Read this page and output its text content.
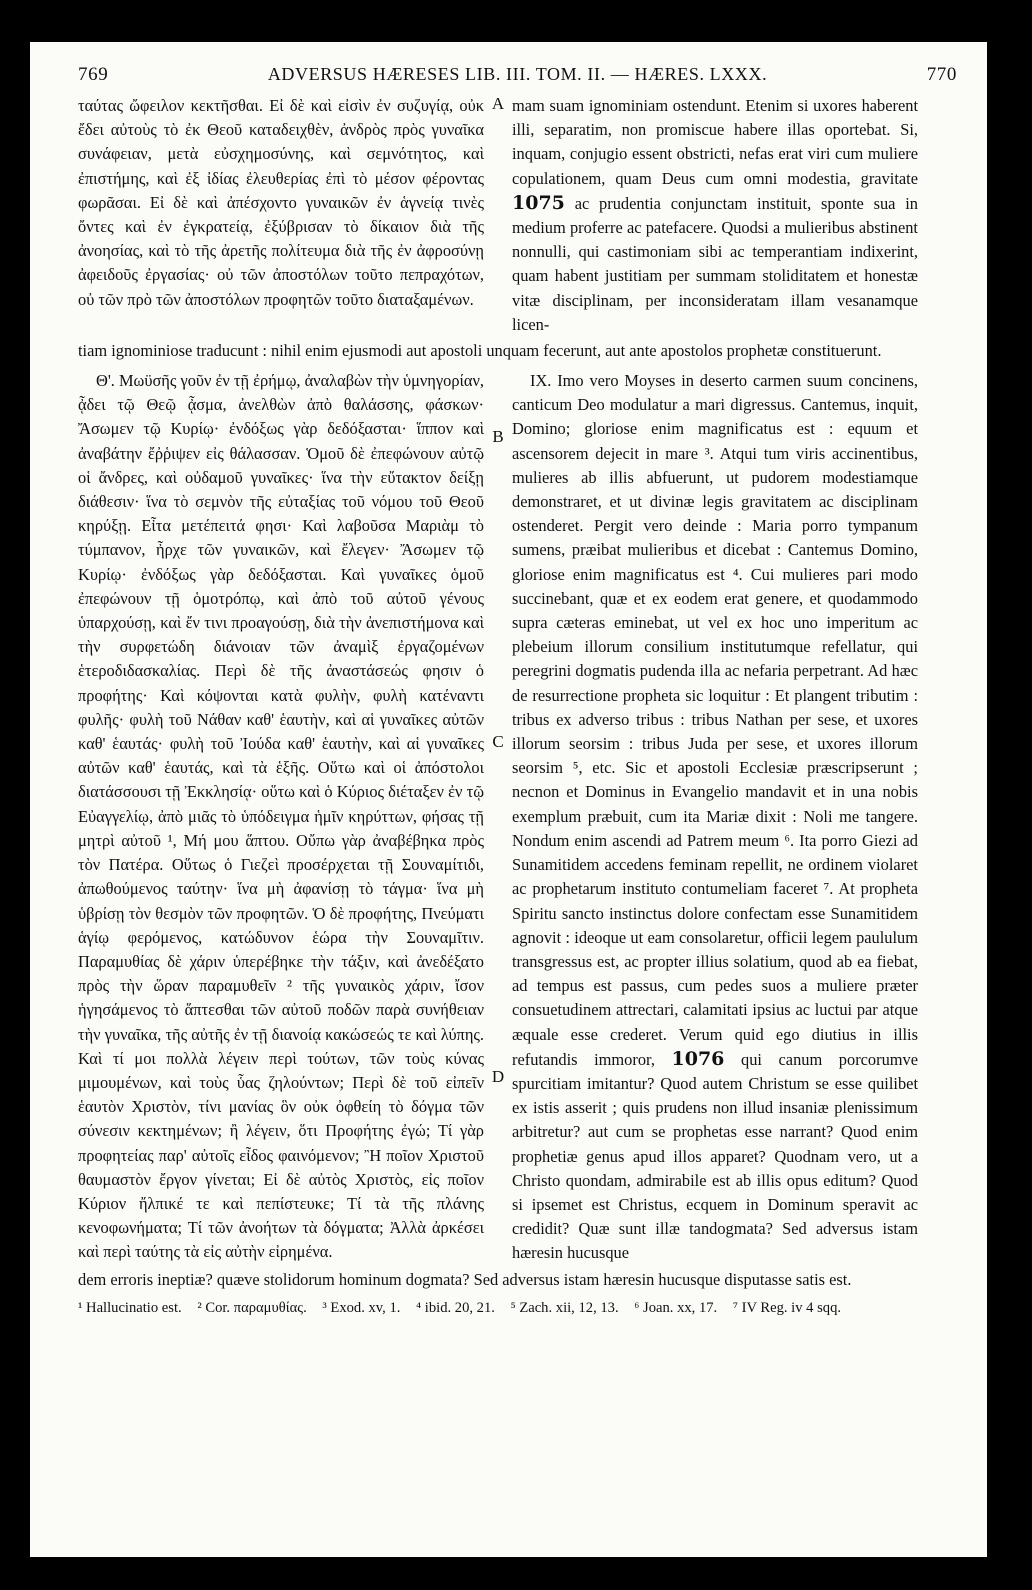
769	ADVERSUS HÆRESES LIB. III. TOM. II. — HÆRES. LXXX.	770

ταύτας ὤφειλον κεκτῆσθαι. Εἰ δὲ καὶ εἰσὶν ἐν συζυγίᾳ, οὐκ ἔδει αὐτοὺς τὸ ἐκ Θεοῦ καταδειχθὲν, ἀνδρὸς πρὸς γυναῖκα συνάφειαν, μετὰ εὐσχημοσύνης, καὶ σεμνότητος, καὶ ἐπιστήμης, καὶ ἐξ ἰδίας ἐλευθερίας ἐπὶ τὸ μέσον φέροντας φωρᾶσαι. Εἰ δὲ καὶ ἀπέσχοντο γυναικῶν ἐν ἁγνείᾳ τινὲς ὄντες καὶ ἐν ἐγκρατείᾳ, ἐξύβρισαν τὸ δίκαιον διὰ τῆς ἀνοησίας, καὶ τὸ τῆς ἀρετῆς πολίτευμα διὰ τῆς ἐν ἀφροσύνῃ ἀφειδοῦς ἐργασίας· οὐ τῶν ἀποστόλων τοῦτο πεπραχότων, οὐ τῶν πρὸ τῶν ἀποστόλων προφητῶν τοῦτο διαταξαμένων.

A mam suam ignominiam ostendunt. Etenim si uxores haberent illi, separatim, non promiscue habere illas oportebat. Si, inquam, conjugio essent obstricti, nefas erat viri cum muliere copulationem, quam Deus cum omni modestia, gravitate 1075 ac prudentia conjunctam instituit, sponte sua in medium proferre ac patefacere. Quodsi a mulieribus abstinent nonnulli, qui castimoniam sibi ac temperantiam indixerint, quam habent justitiam per summam stoliditatem et honestæ vitæ disciplinam, per inconsideratam illam vesanamque licen-

tiam ignominiose traducunt : nihil enim ejusmodi aut apostoli unquam fecerunt, aut ante apostolos prophetæ constituerunt.

Θ'. Μωϋσῆς γοῦν ἐν τῇ ἐρήμῳ, ἀναλαβὼν τὴν ὑμνηγορίαν, ᾆδει τῷ Θεῷ ᾆσμα, ἀνελθὼν ἀπὸ θαλάσσης, φάσκων· Ἄσωμεν τῷ Κυρίῳ· ἐνδόξως γὰρ δεδόξασται· ἵππον καὶ ἀναβάτην ἔῤῥιψεν εἰς θάλασσαν. Ὁμοῦ δὲ ἐπεφώνουν αὐτῷ οἱ ἄνδρες, καὶ οὐδαμοῦ γυναῖκες· ἵνα τὴν εὔτακτον δείξῃ διάθεσιν· ἵνα τὸ σεμνὸν τῆς εὐταξίας τοῦ νόμου τοῦ Θεοῦ κηρύξῃ. Εἶτα μετέπειτά φησι· Καὶ λαβοῦσα Μαριὰμ τὸ τύμπανον, ἦρχε τῶν γυναικῶν, καὶ ἔλεγεν· Ἄσωμεν τῷ Κυρίῳ· ἐνδόξως γὰρ δεδόξασται. Καὶ γυναῖκες ὁμοῦ ἐπεφώνουν τῇ ὁμοτρόπῳ, καὶ ἀπὸ τοῦ αὐτοῦ γένους ὑπαρχούσῃ, καὶ ἔν τινι προαγούσῃ, διὰ τὴν ἀνεπιστήμονα καὶ τὴν συρφετώδη διάνοιαν τῶν ἀναμὶξ ἐργαζομένων ἑτεροδιδασκαλίας. Περὶ δὲ τῆς ἀναστάσεώς φησιν ὁ προφήτης· Καὶ κόψονται κατὰ φυλὴν, φυλὴ κατέναντι φυλῆς· φυλὴ τοῦ Νάθαν καθ' ἑαυτὴν, καὶ αἱ γυναῖκες αὐτῶν καθ' ἑαυτάς· φυλὴ τοῦ Ἰούδα καθ' ἑαυτὴν, καὶ αἱ γυναῖκες αὐτῶν καθ' ἑαυτάς, καὶ τὰ ἑξῆς. Οὕτω καὶ οἱ ἀπόστολοι διατάσσουσι τῇ Ἐκκλησίᾳ· οὕτω καὶ ὁ Κύριος διέταξεν ἐν τῷ Εὐαγγελίῳ, ἀπὸ μιᾶς τὸ ὑπόδειγμα ἡμῖν κηρύττων, φήσας τῇ μητρὶ αὐτοῦ ¹, Μή μου ἅπτου. Οὔπω γὰρ ἀναβέβηκα πρὸς τὸν Πατέρα. Οὕτως ὁ Γιεζεὶ προσέρχεται τῇ Σουναμίτιδι, ἀπωθούμενος ταύτην· ἵνα μὴ ἀφανίσῃ τὸ τάγμα· ἵνα μὴ ὑβρίσῃ τὸν θεσμὸν τῶν προφητῶν. Ὁ δὲ προφήτης, Πνεύματι ἁγίῳ φερόμενος, κατώδυνον ἑώρα τὴν Σουναμῖτιν. Παραμυθίας δὲ χάριν ὑπερέβηκε τὴν τάξιν, καὶ ἀνεδέξατο πρὸς τὴν ὥραν παραμυθεῖν ² τῆς γυναικὸς χάριν, ἴσον ἡγησάμενος τὸ ἅπτεσθαι τῶν αὐτοῦ ποδῶν παρὰ συνήθειαν τὴν γυναῖκα, τῆς αὐτῆς ἐν τῇ διανοίᾳ κακώσεώς τε καὶ λύπης. Καὶ τί μοι πολλὰ λέγειν περὶ τούτων, τῶν τοὺς κύνας μιμουμένων, καὶ τοὺς ὗας ζηλούντων; Περὶ δὲ τοῦ εἰπεῖν ἑαυτὸν Χριστὸν, τίνι μανίας ὃν οὐκ ὀφθείη τὸ δόγμα τῶν σύνεσιν κεκτημένων; ἢ λέγειν, ὅτι Προφήτης ἐγώ; Τί γὰρ προφητείας παρ' αὐτοῖς εἶδος φαινόμενον; Ἢ ποῖον Χριστοῦ θαυμαστὸν ἔργον γίνεται; Εἰ δὲ αὐτὸς Χριστὸς, εἰς ποῖον Κύριον ἤλπικέ τε καὶ πεπίστευκε; Τί τὰ τῆς πλάνης κενοφωνήματα; Τί τῶν ἀνοήτων τὰ δόγματα; Ἀλλὰ ἀρκέσει καὶ περὶ ταύτης τὰ εἰς αὐτὴν εἰρημένα.

B
C
D

IX. Imo vero Moyses in deserto carmen suum concinens, canticum Deo modulatur a mari digressus. Cantemus, inquit, Domino; gloriose enim magnificatus est : equum et ascensorem dejecit in mare ³. Atqui tum viris accinentibus, mulieres ab illis abfuerunt, ut pudorem modestiamque demonstraret, et ut divinæ legis gravitatem ac disciplinam ostenderet. Pergit vero deinde : Maria porro tympanum sumens, præibat mulieribus et dicebat : Cantemus Domino, gloriose enim magnificatus est ⁴. Cui mulieres pari modo succinebant, quæ et ex eodem erat genere, et quodammodo supra cæteras eminebat, ut vel ex hoc uno imperitum ac plebeium illorum consilium institutumque refellatur, qui peregrini dogmatis pudenda illa ac nefaria perpetrant. Ad hæc de resurrectione propheta sic loquitur : Et plangent tributim : tribus ex adverso tribus : tribus Nathan per sese, et uxores illorum seorsim : tribus Juda per sese, et uxores illorum seorsim ⁵, etc. Sic et apostoli Ecclesiæ præscripserunt ; necnon et Dominus in Evangelio mandavit et in una nobis exemplum præbuit, cum ita Mariæ dixit : Noli me tangere. Nondum enim ascendi ad Patrem meum ⁶. Ita porro Giezi ad Sunamitidem accedens feminam repellit, ne ordinem violaret ac prophetarum instituto contumeliam faceret ⁷. At propheta Spiritu sancto instinctus dolore confectam esse Sunamitidem agnovit : ideoque ut eam consolaretur, officii legem paululum transgressus est, ac propter illius solatium, quod ab ea fiebat, ad tempus est passus, cum pedes suos a muliere præter consuetudinem attrectari, calamitati ipsius ac luctui par atque æquale esse crederet. Verum quid ego diutius in illis refutandis immoror, 1076 qui canum porcorumve spurcitiam imitantur? Quod autem Christum se esse quilibet ex istis asserit ; quis prudens non illud insaniæ plenissimum arbitretur? aut cum se prophetas esse narrant? Quod enim prophetiæ genus apud illos apparet? Quodnam vero, ut a Christo quondam, admirabile est ab illis opus editum? Quod si ipsemet est Christus, ecquem in Dominum speravit ac credidit? Quæ sunt illæ tandogmata? Sed adversus istam hæresin hucusque

dem erroris ineptiæ? quæve stolidorum hominum dogmata? Sed adversus istam hæresin hucusque disputasse satis est.
¹ Hallucinatio est. ² Cor. παραμυθίας. ³ Exod. xv, 1. ⁴ ibid. 20, 21. ⁵ Zach. xii, 12, 13. ⁶ Joan. xx, 17. ⁷ IV Reg. iv 4 sqq.
